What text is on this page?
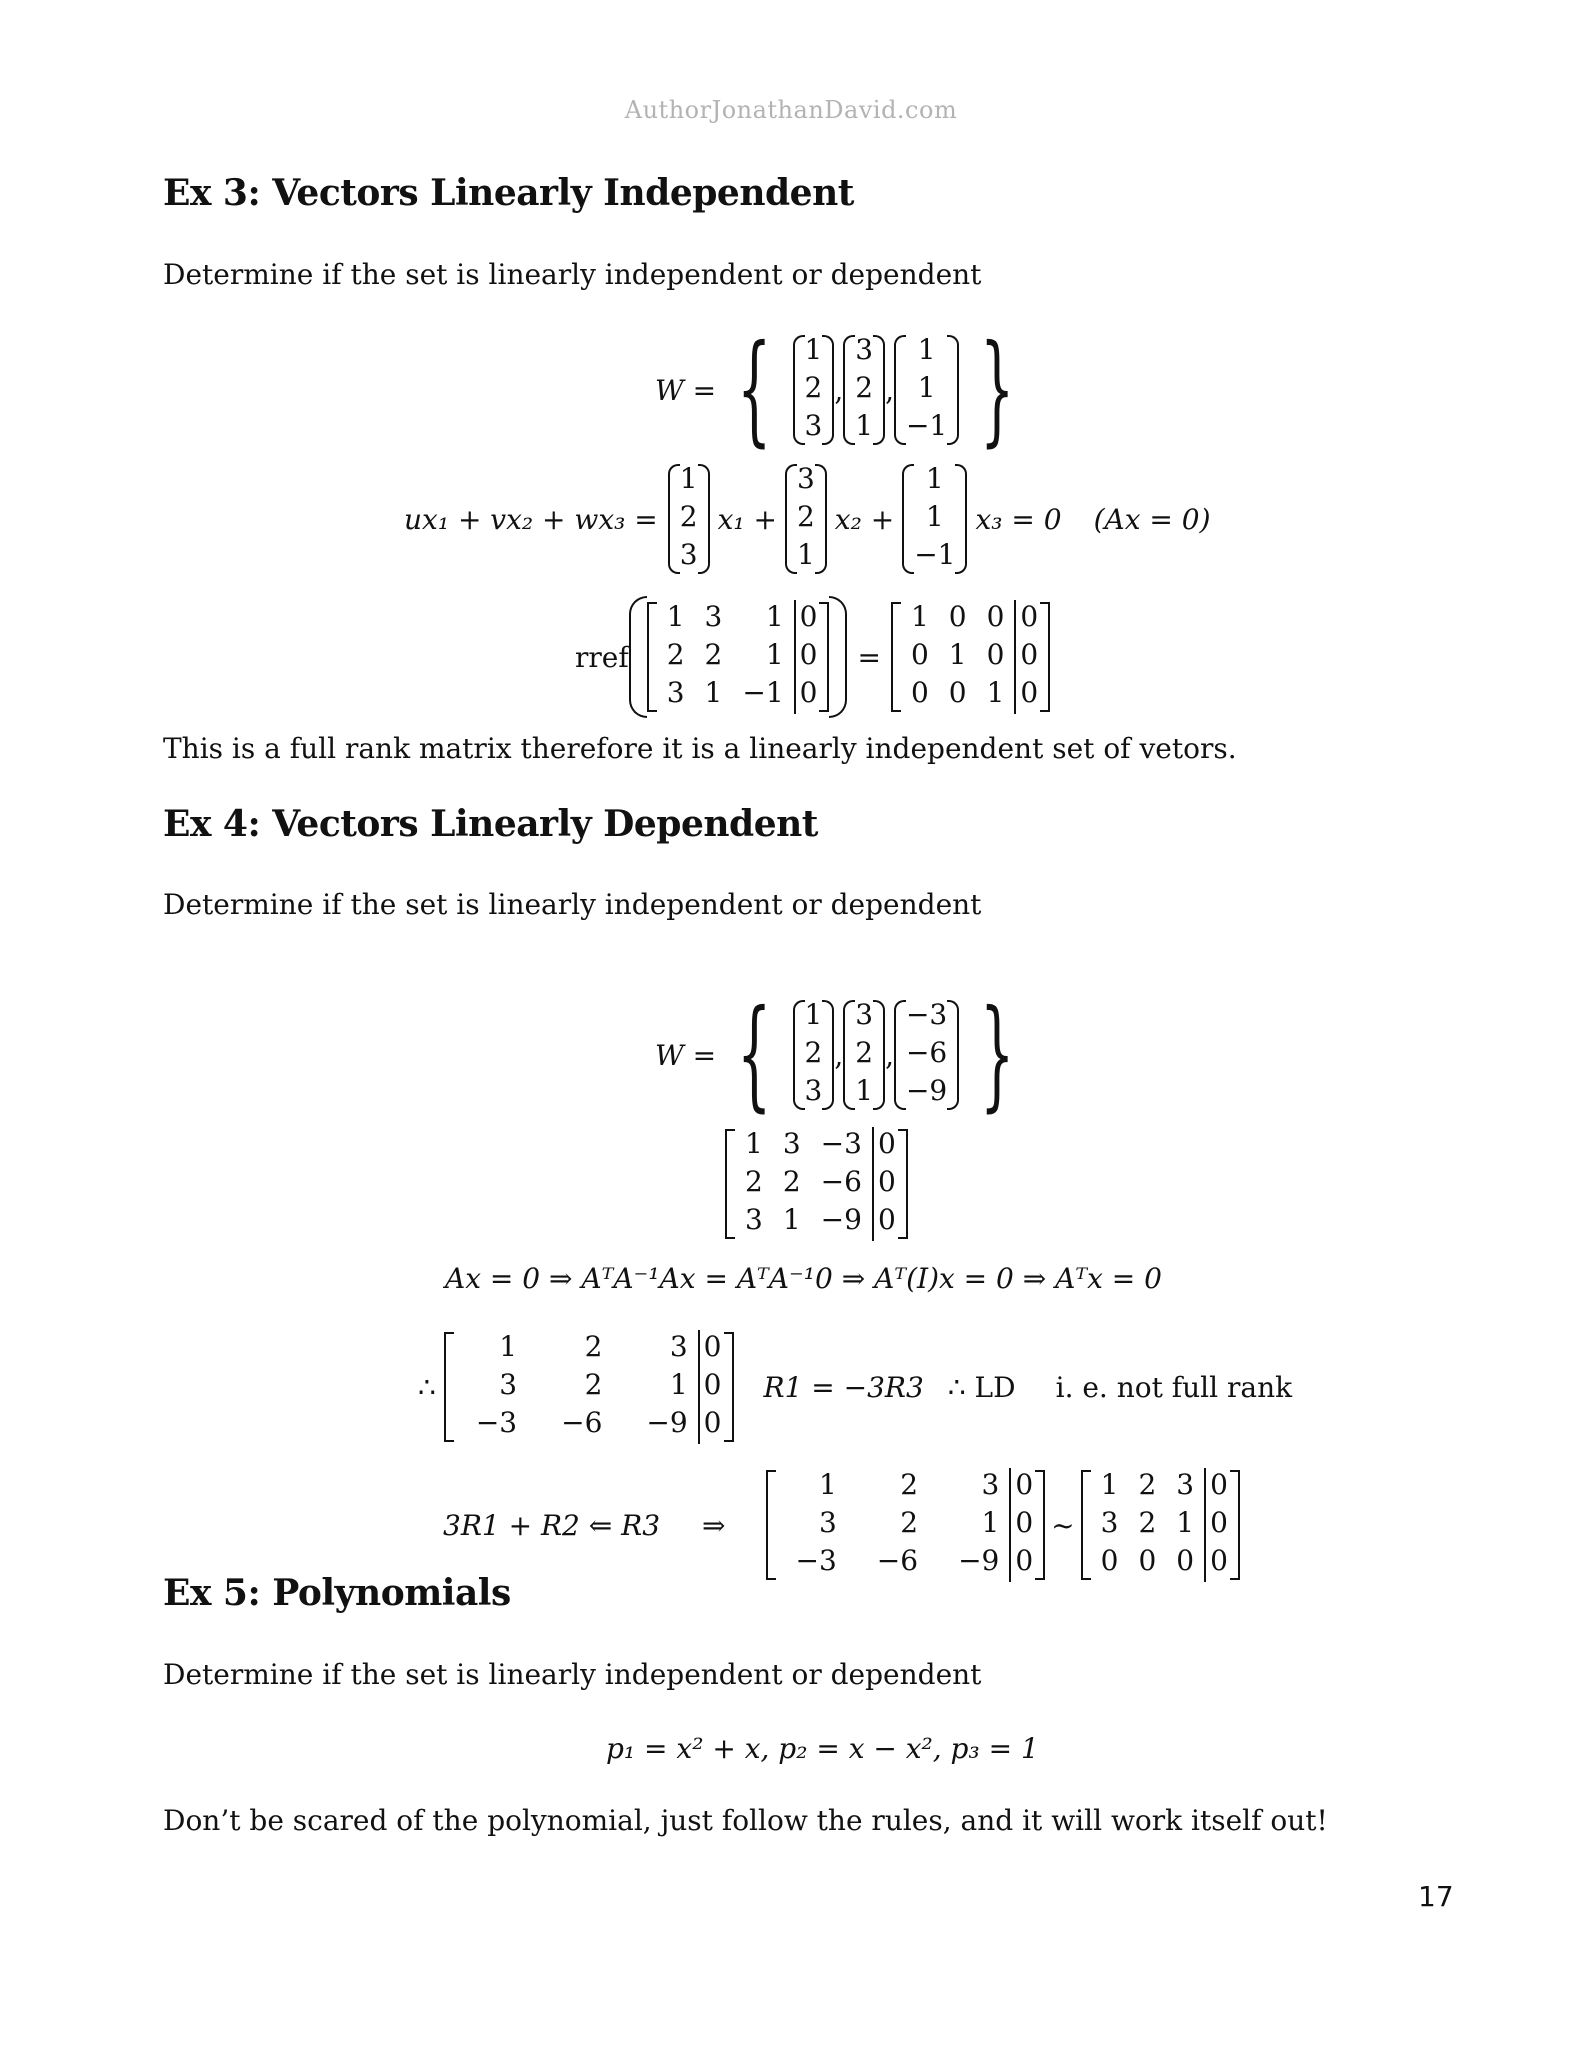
AuthorJonathanDavid.com
Ex 3: Vectors Linearly Independent
Determine if the set is linearly independent or dependent
W = { 1
2
3
,
3
2
1
,
1
1
−1 }
ux₁ + vx₂ + wx₃ =
1
2
3
x₁ +
3
2
1
x₂ +
1
1
−1
x₃ = 0 (Ax = 0)
rref
1 3	1 0
2 2	1 0
3 1 −1 0
=
1 0 0 0
0 1 0 0
0 0 1 0
This is a full rank matrix therefore it is a linearly independent set of vetors.
Ex 4: Vectors Linearly Dependent
Determine if the set is linearly independent or dependent
W = { 1
2
3
,
3
2
1
,
−3
−6
−9 }
1 3 −3 0
2 2 −6 0
3 1 −9 0
Ax = 0 ⇒ AᵀA⁻¹Ax = AᵀA⁻¹0 ⇒ Aᵀ(I)x = 0 ⇒ Aᵀx = 0
∴
1	2	3 0
3	2	1 0
−3	−6	−9 0
R1 = −3R3 ∴ LD i. e. not full rank
3R1 + R2 ⇐ R3 ⇒
1	2	3 0
3	2	1 0
−3	−6	−9 0
~
1 2 3 0
3 2 1 0
0 0 0 0
Ex 5: Polynomials
Determine if the set is linearly independent or dependent
p₁ = x² + x, p₂ = x − x², p₃ = 1
Don’t be scared of the polynomial, just follow the rules, and it will work itself out!
17
